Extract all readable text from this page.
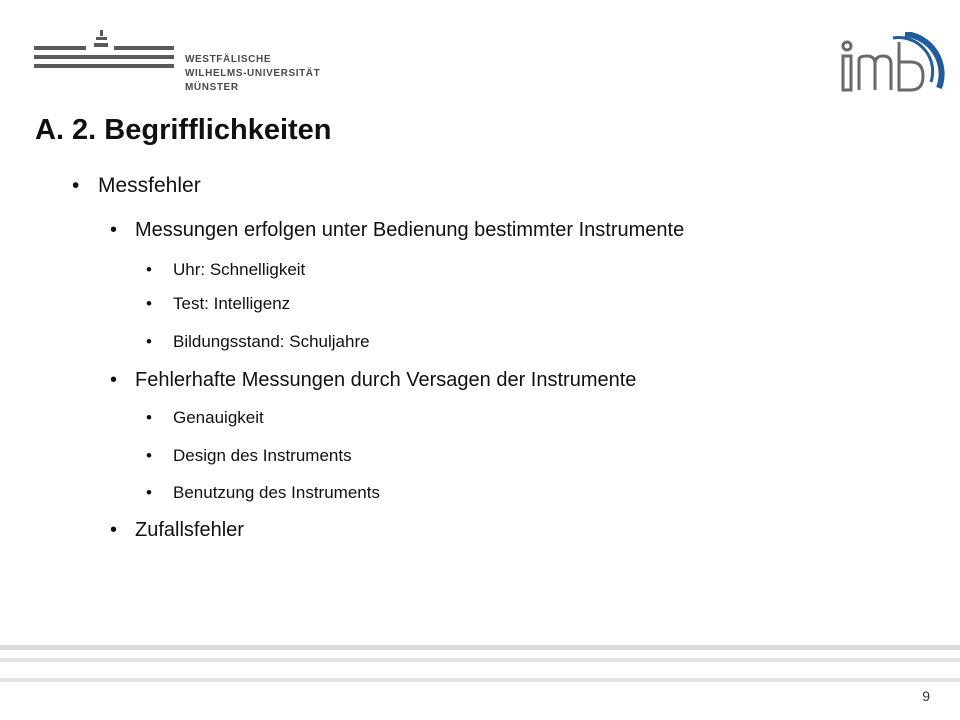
WESTFÄLISCHE
WILHELMS-UNIVERSITÄT
MÜNSTER
A. 2. Begrifflichkeiten
• Messfehler
• Messungen erfolgen unter Bedienung bestimmter Instrumente
• Uhr: Schnelligkeit
• Test: Intelligenz
• Bildungsstand: Schuljahre
• Fehlerhafte Messungen durch Versagen der Instrumente
• Genauigkeit
• Design des Instruments
• Benutzung des Instruments
• Zufallsfehler
9
